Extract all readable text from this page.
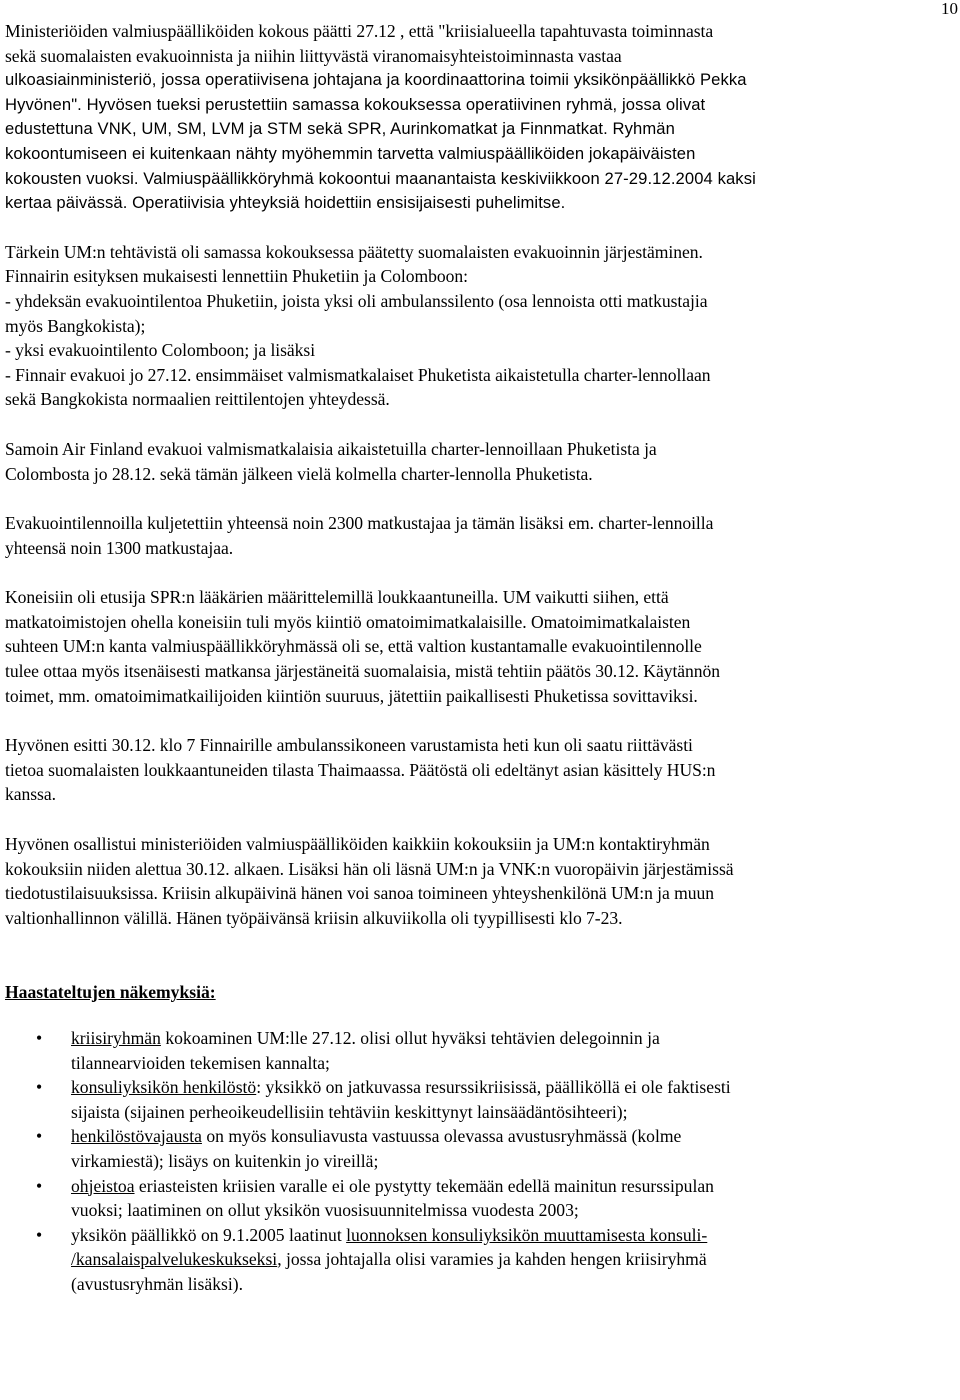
10

Ministeriöiden valmiuspäälliköiden kokous päätti 27.12 , että "kriisialueella tapahtuvasta toiminnasta
sekä suomalaisten evakuoinnista ja niihin liittyvästä viranomaisyhteistoiminnasta vastaa
ulkoasiainministeriö, jossa operatiivisena johtajana ja koordinaattorina toimii yksikönpäällikkö Pekka
Hyvönen". Hyvösen tueksi perustettiin samassa kokouksessa operatiivinen ryhmä, jossa olivat
edustettuna VNK, UM, SM, LVM ja STM sekä SPR, Aurinkomatkat ja Finnmatkat. Ryhmän
kokoontumiseen ei kuitenkaan nähty myöhemmin tarvetta valmiuspäälliköiden jokapäiväisten
kokousten vuoksi. Valmiuspäällikköryhmä kokoontui maanantaista keskiviikkoon 27-29.12.2004 kaksi
kertaa päivässä. Operatiivisia yhteyksiä hoidettiin ensisijaisesti puhelimitse.

Tärkein UM:n tehtävistä oli samassa kokouksessa päätetty suomalaisten evakuoinnin järjestäminen.
Finnairin esityksen mukaisesti lennettiin Phuketiin ja Colomboon:
- yhdeksän evakuointilentoa Phuketiin, joista yksi oli ambulanssilento (osa lennoista otti matkustajia
myös Bangkokista);
- yksi evakuointilento Colomboon; ja lisäksi
- Finnair evakuoi jo 27.12. ensimmäiset valmismatkalaiset Phuketista aikaistetulla charter-lennollaan
sekä Bangkokista normaalien reittilentojen yhteydessä.

Samoin Air Finland evakuoi valmismatkalaisia aikaistetuilla charter-lennoillaan Phuketista ja
Colombosta jo 28.12. sekä tämän jälkeen vielä kolmella charter-lennolla Phuketista.

Evakuointilennoilla kuljetettiin yhteensä noin 2300 matkustajaa ja tämän lisäksi em. charter-lennoilla
yhteensä noin 1300 matkustajaa.

Koneisiin oli etusija SPR:n lääkärien määrittelemillä loukkaantuneilla. UM vaikutti siihen, että
matkatoimistojen ohella koneisiin tuli myös kiintiö omatoimimatkalaisille. Omatoimimatkalaisten
suhteen UM:n kanta valmiuspäällikköryhmässä oli se, että valtion kustantamalle evakuointilennolle
tulee ottaa myös itsenäisesti matkansa järjestäneitä suomalaisia, mistä tehtiin päätös 30.12. Käytännön
toimet, mm. omatoimimatkailijoiden kiintiön suuruus, jätettiin paikallisesti Phuketissa sovittaviksi.

Hyvönen esitti 30.12. klo 7 Finnairille ambulanssikoneen varustamista heti kun oli saatu riittävästi
tietoa suomalaisten loukkaantuneiden tilasta Thaimaassa. Päätöstä oli edeltänyt asian käsittely HUS:n
kanssa.

Hyvönen osallistui ministeriöiden valmiuspäälliköiden kaikkiin kokouksiin ja UM:n kontaktiryhmän
kokouksiin niiden alettua 30.12. alkaen. Lisäksi hän oli läsnä UM:n ja VNK:n vuoropäivin järjestämissä
tiedotustilaisuuksissa. Kriisin alkupäivinä hänen voi sanoa toimineen yhteyshenkilönä UM:n ja muun
valtionhallinnon välillä. Hänen työpäivänsä kriisin alkuviikolla oli tyypillisesti klo 7-23.

Haastateltujen näkemyksiä:
• kriisiryhmän kokoaminen UM:lle 27.12. olisi ollut hyväksi tehtävien delegoinnin ja
tilannearvioiden tekemisen kannalta;
• konsuliyksikön henkilöstö: yksikkö on jatkuvassa resurssikriisissä, päälliköllä ei ole faktisesti
sijaista (sijainen perheoikeudellisiin tehtäviin keskittynyt lainsäädäntösihteeri);
• henkilöstövajausta on myös konsuliavusta vastuussa olevassa avustusryhmässä (kolme
virkamiestä); lisäys on kuitenkin jo vireillä;
• ohjeistoa eriasteisten kriisien varalle ei ole pystytty tekemään edellä mainitun resurssipulan
vuoksi; laatiminen on ollut yksikön vuosisuunnitelmissa vuodesta 2003;
• yksikön päällikkö on 9.1.2005 laatinut luonnoksen konsuliyksikön muuttamisesta konsuli-
/kansalaispalvelukeskukseksi, jossa johtajalla olisi varamies ja kahden hengen kriisiryhmä
(avustusryhmän lisäksi).
